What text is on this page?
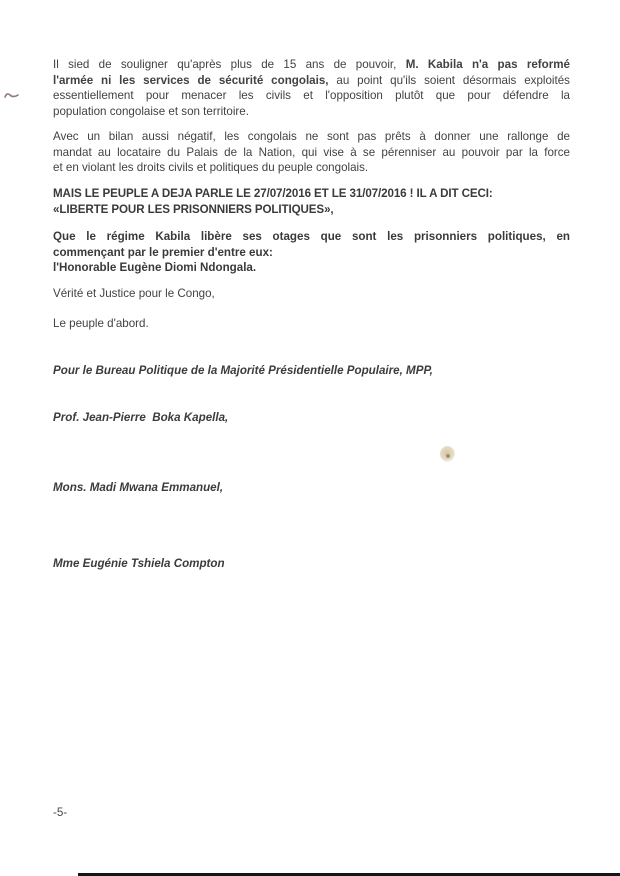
Il sied de souligner qu'après plus de 15 ans de pouvoir, M. Kabila n'a pas reformé
l'armée ni les services de sécurité congolais, au point qu'ils soient désormais exploités
essentiellement pour menacer les civils et l'opposition plutôt que pour défendre la
population congolaise et son territoire.
Avec un bilan aussi négatif, les congolais ne sont pas prêts à donner une rallonge de
mandat au locataire du Palais de la Nation, qui vise à se pérenniser au pouvoir par la force
et en violant les droits civils et politiques du peuple congolais.
MAIS LE PEUPLE A DEJA PARLE LE 27/07/2016 ET LE 31/07/2016 ! IL A DIT CECI:
«LIBERTE POUR LES PRISONNIERS POLITIQUES»,
Que le régime Kabila libère ses otages que sont les prisonniers politiques, en
commençant par le premier d'entre eux:
l'Honorable Eugène Diomi Ndongala.
Vérité et Justice pour le Congo,
Le peuple d'abord.
Pour le Bureau Politique de la Majorité Présidentielle Populaire, MPP,
Prof. Jean-Pierre  Boka Kapella,
Mons. Madi Mwana Emmanuel,
Mme Eugénie Tshiela Compton
-5-
